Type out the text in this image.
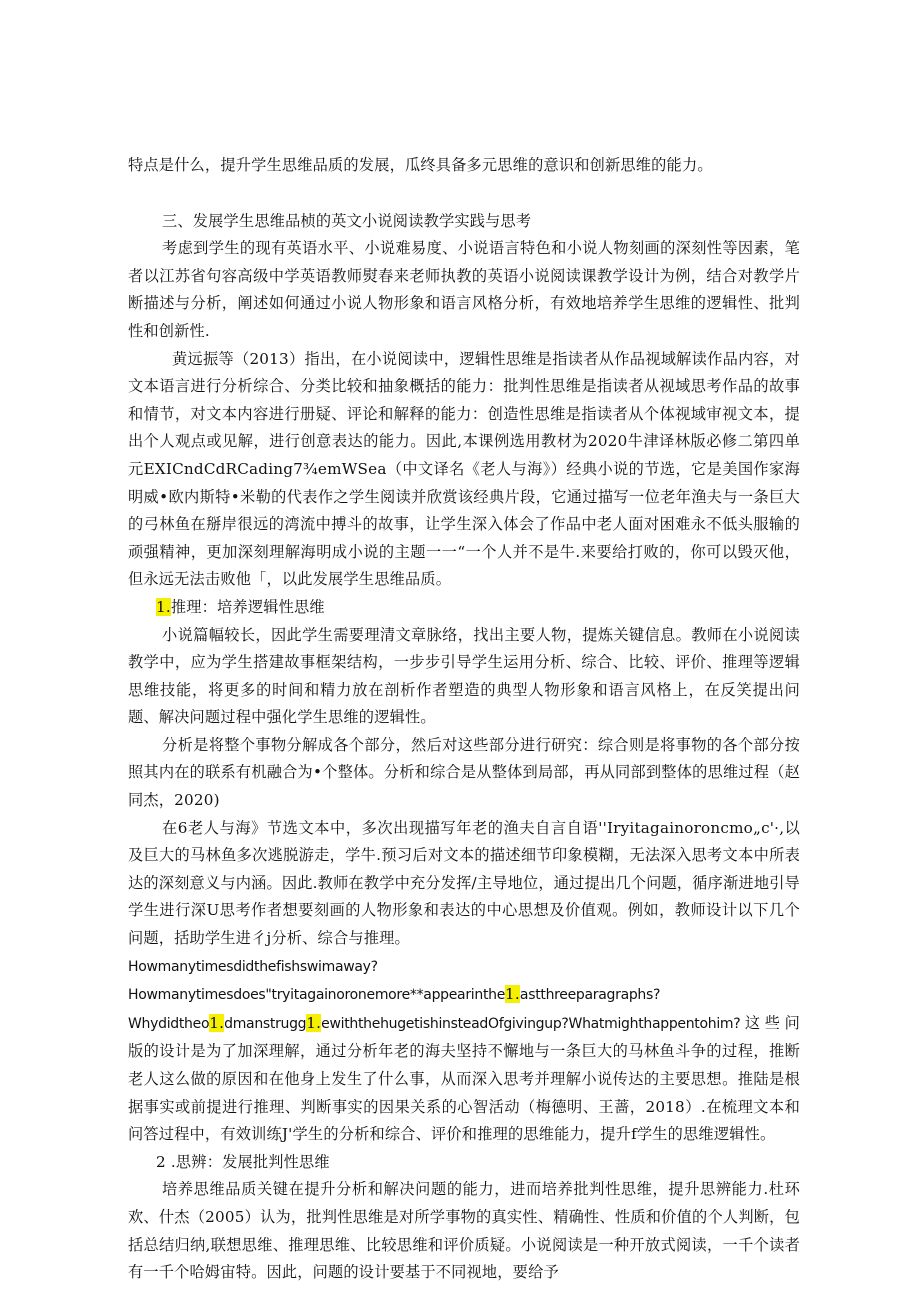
特点是什么，提升学生思维品质的发展，瓜终具备多元思维的意识和创新思维的能力。

三、发展学生思维品桢的英文小说阅读教学实践与思考

考虑到学生的现有英语水平、小说难易度、小说语言特色和小说人物刻画的深刻性等因素，笔者以江苏省句容高级中学英语教师熨春来老师执教的英语小说阅读课教学设计为例，结合对教学片断描述与分析，阐述如何通过小说人物形象和语言风格分析，有效地培养学生思维的逻辑性、批判性和创新性.

黄远振等（2013）指出，在小说阅读中，逻辑性思维是指读者从作品视域解读作品内容，对文本语言进行分析综合、分类比较和抽象概括的能力：批判性思维是指读者从视域思考作品的故事和情节，对文本内容进行册疑、评论和解释的能力：创造性思维是指读者从个体视域审视文本，提出个人观点或见解，进行创意表达的能力。因此,本课例选用教材为2020牛津译林版必修二第四单元EXICndCdRCading7¾emWSea（中文译名《老人与海》）经典小说的节选，它是美国作家海明威•欧内斯特•米勒的代表作之学生阅读并欣赏该经典片段，它通过描写一位老年渔夫与一条巨大的弓林鱼在掰岸很远的湾流中搏斗的故事，让学生深入体会了作品中老人面对困难永不低头服输的顽强精神，更加深刻理解海明成小说的主题一一“一个人并不是牛.来要给打败的，你可以毁灭他，但永远无法击败他「，以此发展学生思维品质。

1.推理：培养逻辑性思维

小说篇幅较长，因此学生需要理清文章脉络，找出主要人物，提炼关键信息。教师在小说阅读教学中，应为学生搭建故事框架结构，一步步引导学生运用分析、综合、比较、评价、推理等逻辑思维技能，将更多的时间和精力放在剖析作者塑造的典型人物形象和语言风格上，在反笑提出问题、解决问题过程中强化学生思维的逻辑性。

分析是将整个事物分解成各个部分，然后对这些部分进行研究：综合则是将事物的各个部分按照其内在的联系有机融合为•个整体。分析和综合是从整体到局部，再从同部到整体的思维过程（赵同杰，2020)

在6老人与海》节选文本中，多次出现描写年老的渔夫自言自语''Iryitagainoroncmo„c'·,以及巨大的马林鱼多次逃脱游走，学牛.预习后对文本的描述细节印象模糊，无法深入思考文本中所表达的深刻意义与内涵。因此.教师在教学中充分发挥/主导地位，通过提出几个问题，循序渐进地引导学生进行深U思考作者想要刻画的人物形象和表达的中心思想及价值观。例如，教师设计以下几个问题，括助学生进彳j分析、综合与推理。

Howmanytimesdidthefishswimaway?Howmanytimesdoes"tryitagainoronemore**appearinthe1.astthreeparagraphs?Whydidtheo1.dmanstrugg1.ewiththehugetishinsteadOfgivingup?Whatmighthappentohim?这些问版的设计是为了加深理解，通过分析年老的海夫坚持不懈地与一条巨大的马林鱼斗争的过程，推断老人这么做的原因和在他身上发生了什么事，从而深入思考并理解小说传达的主要思想。推陆是根据事实或前提进行推理、判断事实的因果关系的心智活动（梅德明、王蔷，2018）.在梳理文本和问答过程中，有效训练J'学生的分析和综合、评价和推理的思维能力，提升f学生的思维逻辑性。

2 .思辨：发展批判性思维

培养思维品质关键在提升分析和解决问题的能力，进而培养批判性思维，提升思辨能力.杜环欢、什杰（2005）认为，批判性思维是对所学事物的真实性、精确性、性质和价值的个人判断，包括总结归纳,联想思维、推理思维、比较思维和评价质疑。小说阅读是一种开放式阅读，一千个读者有一千个哈姆宙特。因此，问题的设计要基于不同视地，要给予
